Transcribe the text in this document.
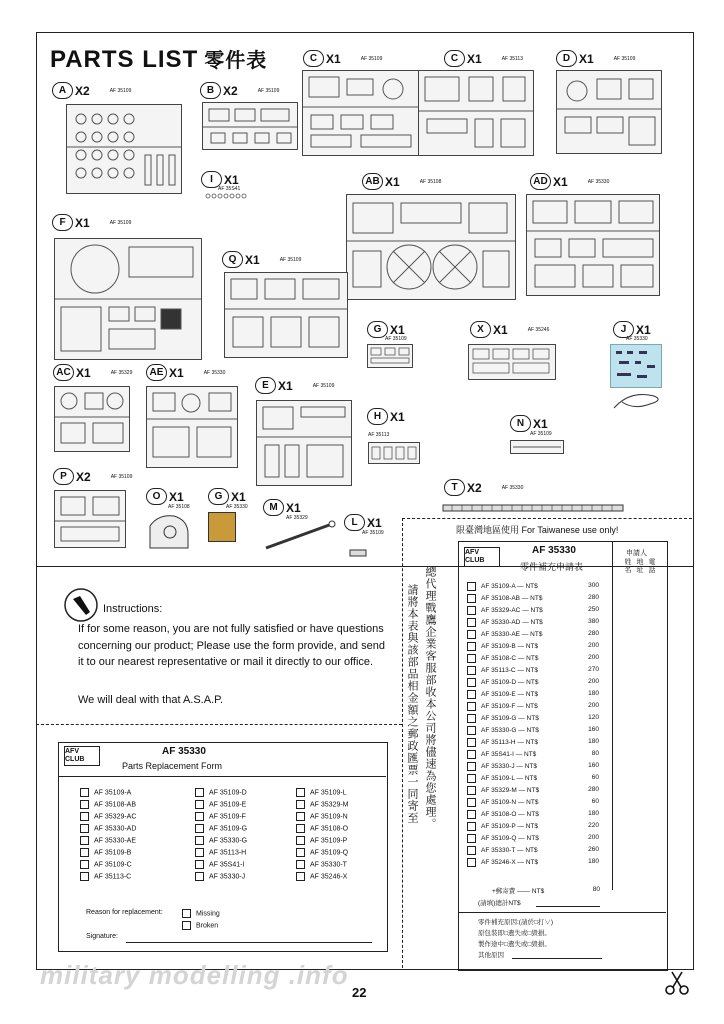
PARTS LIST 零件表
A X2	AF 35109	B X2	AF 35109
C X1	AF 35109	C X1	AF 35113	D X1	AF 35109
I X1
AF 35S41
AB X1	AF 35108	AD X1	AF 35330
F X1	AF 35109
Q X1	AF 35109
G X1
AF 35109
X X1	AF 35246	J X1
AF 35330
AC X1	AF 35329	AE X1	AF 35330
E X1	AF 35109
H X1
AF 35113
N X1
AF 35109
P X2	AF 35109
O X1
AF 35108
G X1
AF 35330	M X1
AF 35329	L X1
AF 35109
T X2	AF 35330
Instructions:
If for some reason, you are not fully satisfied or have questions concerning our product; Please use the form provide, and send it to our nearest representative or mail it directly to our office.
We will deal with that A.S.A.P.
AFV CLUB
AF 35330
Parts Replacement Form
AF 35109-A
AF 35108-AB
AF 35329-AC
AF 35330-AD
AF 35330-AE
AF 35109-B
AF 35109-C
AF 35113-C
AF 35109-D
AF 35109-E
AF 35109-F
AF 35109-G
AF 35330-G
AF 35113-H
AF 35S41-I
AF 35330-J
AF 35109-L
AF 35329-M
AF 35109-N
AF 35108-O
AF 35109-P
AF 35109-Q
AF 35330-T
AF 35246-X
Reason for replacement:	Missing
Broken
Signature:
限臺灣地區使用 For Taiwanese use only!
總代理戰鷹企業客服部收本公司將儘速為您處理。
請將本表與該部品相金額之郵政匯票一同寄至
AFV CLUB
AF 35330
零件補充申請表
申請人
姓名 地址 電話
AF 35109-A — NT$	300
AF 35108-AB — NT$	280
AF 35329-AC — NT$	250
AF 35330-AD — NT$	380
AF 35330-AE — NT$	280
AF 35109-B — NT$	200
AF 35108-C — NT$	200
AF 35113-C — NT$	270
AF 35109-D — NT$	200
AF 35109-E — NT$	180
AF 35109-F — NT$	200
AF 35109-G — NT$	120
AF 35330-G — NT$	160
AF 35113-H — NT$	180
AF 35S41-I — NT$	80
AF 35330-J — NT$	160
AF 35109-L — NT$	60
AF 35329-M — NT$	280
AF 35109-N — NT$	60
AF 35108-O — NT$	180
AF 35109-P — NT$	220
AF 35109-Q — NT$	200
AF 35330-T — NT$	260
AF 35246-X — NT$	180
+郵寄費 —— NT$	80
(請填)總計NT$
零件補充原因:(請於□打∨)
原包裝即□遺失或□毀損。
製作途中□遺失或□毀損。
其他原因
military modelling .info
22
